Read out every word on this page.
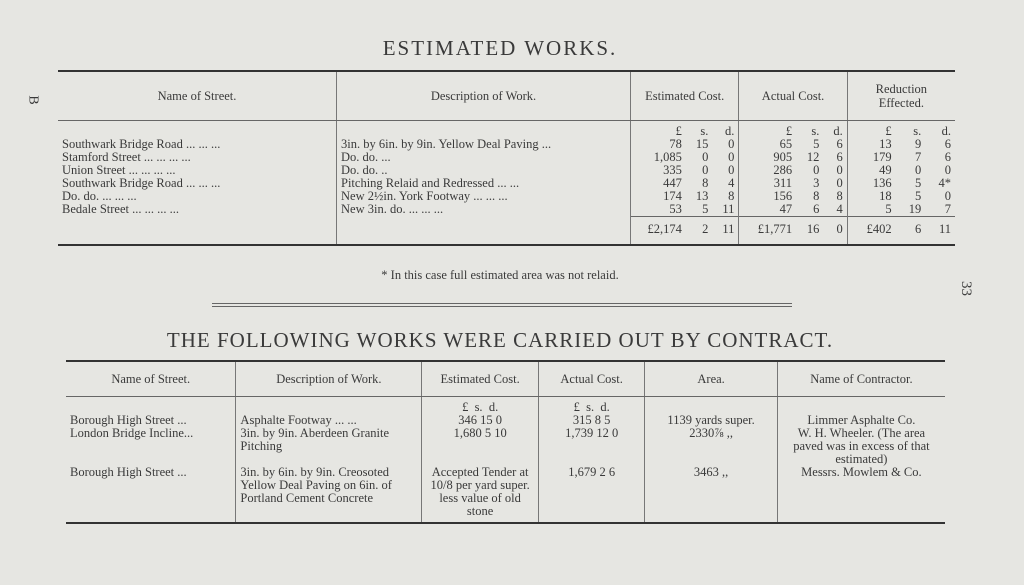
ESTIMATED WORKS.
B
33
Name of Street.	Description of Work.	Estimated Cost.			Actual Cost.			Reduction Effected.		
		£	s.	d.	£	s.	d.	£	s.	d.
Southwark Bridge Road ... ... ...	3in. by 6in. by 9in. Yellow Deal Paving ...	78	15	0	65	5	6	13	9	6
Stamford Street ... ... ... ...	Do. do. ...	1,085	0	0	905	12	6	179	7	6
Union Street ... ... ... ...	Do. do. ..	335	0	0	286	0	0	49	0	0
Southwark Bridge Road ... ... ...	Pitching Relaid and Redressed ... ...	447	8	4	311	3	0	136	5	4*
Do. do. ... ... ...	New 2½in. York Footway ... ... ...	174	13	8	156	8	8	18	5	0
Bedale Street ... ... ... ...	New 3in. do. ... ... ...	53	5	11	47	6	4	5	19	7
		£2,174	2	11	£1,771	16	0	£402	6	11
* In this case full estimated area was not relaid.
THE FOLLOWING WORKS WERE CARRIED OUT BY CONTRACT.
Name of Street.	Description of Work.	Estimated Cost.	Actual Cost.	Area.	Name of Contractor.
		£ s. d.	£ s. d.		
Borough High Street ...	Asphalte Footway ... ...	346 15 0	315 8 5	1139 yards super.	Limmer Asphalte Co.
London Bridge Incline...	3in. by 9in. Aberdeen Granite Pitching	1,680 5 10	1,739 12 0	2330⅞ ,,	W. H. Wheeler. (The area paved was in excess of that estimated)
Borough High Street ...	3in. by 6in. by 9in. Creosoted Yellow Deal Paving on 6in. of Portland Cement Concrete	Accepted Tender at 10/8 per yard super. less value of old stone	1,679 2 6	3463 ,,	Messrs. Mowlem & Co.
